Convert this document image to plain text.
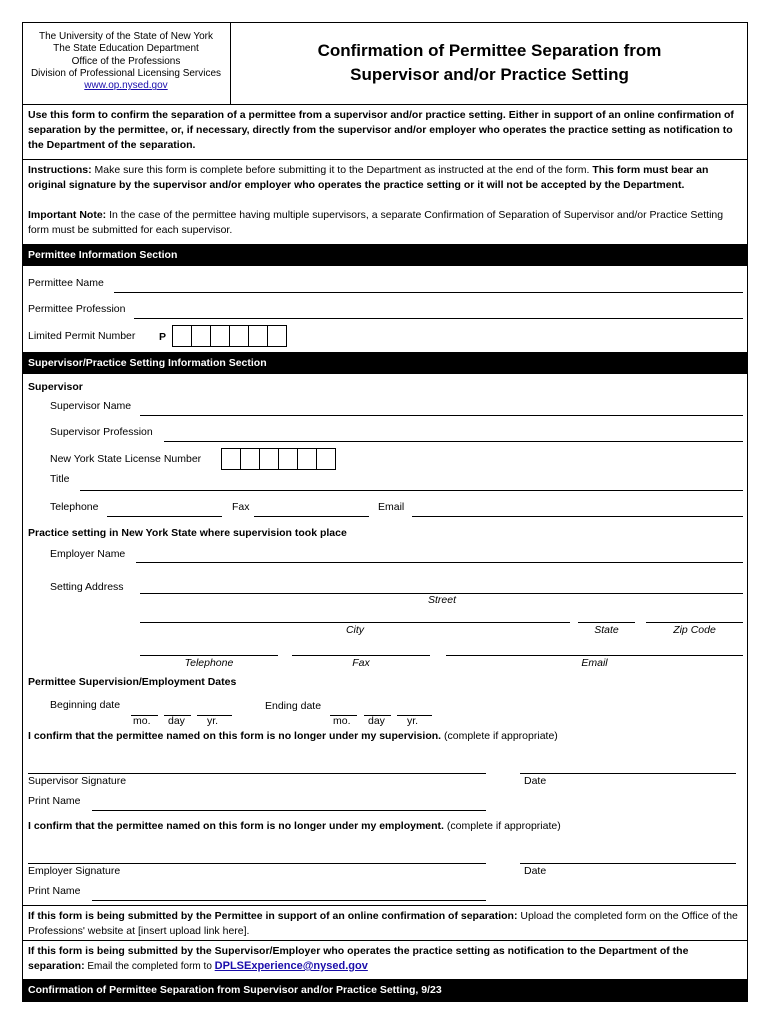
The University of the State of New York
The State Education Department
Office of the Professions
Division of Professional Licensing Services
www.op.nysed.gov
Confirmation of Permittee Separation from
Supervisor and/or Practice Setting
Use this form to confirm the separation of a permittee from a supervisor and/or practice setting. Either in support of an online confirmation of separation by the permittee, or, if necessary, directly from the supervisor and/or employer who operates the practice setting as notification to the Department of the separation.
Instructions: Make sure this form is complete before submitting it to the Department as instructed at the end of the form. This form must bear an original signature by the supervisor and/or employer who operates the practice setting or it will not be accepted by the Department.
Important Note: In the case of the permittee having multiple supervisors, a separate Confirmation of Separation of Supervisor and/or Practice Setting form must be submitted for each supervisor.
Permittee Information Section
Permittee Name
Permittee Profession
Limited Permit Number P
Supervisor/Practice Setting Information Section
Supervisor
Supervisor Name
Supervisor Profession
New York State License Number
Title
Telephone	Fax	Email
Practice setting in New York State where supervision took place
Employer Name
Setting Address
Street
City	State	Zip Code
Telephone	Fax	Email
Permittee Supervision/Employment Dates
Beginning date
mo. day yr.
Ending date
mo. day yr.
I confirm that the permittee named on this form is no longer under my supervision. (complete if appropriate)
Supervisor Signature	Date
Print Name
I confirm that the permittee named on this form is no longer under my employment. (complete if appropriate)
Employer Signature	Date
Print Name
If this form is being submitted by the Permittee in support of an online confirmation of separation: Upload the completed form on the Office of the Professions' website at [insert upload link here].
If this form is being submitted by the Supervisor/Employer who operates the practice setting as notification to the Department of the separation: Email the completed form to DPLSExperience@nysed.gov
Confirmation of Permittee Separation from Supervisor and/or Practice Setting, 9/23
